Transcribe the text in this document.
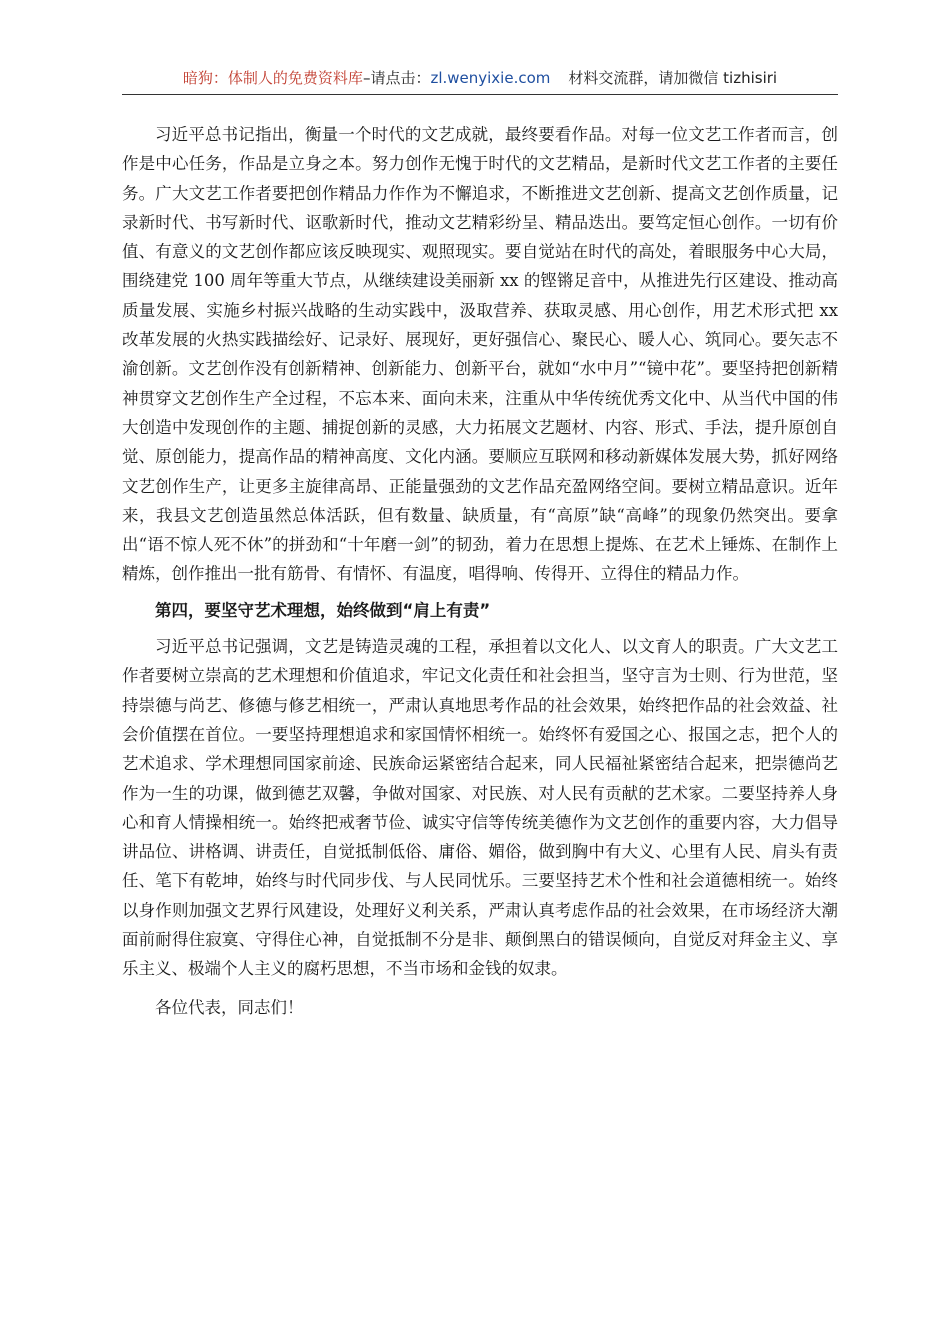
暗狗：体制人的免费资料库–请点击：zl.wenyixie.com 材料交流群，请加微信 tizhisiri

习近平总书记指出，衡量一个时代的文艺成就，最终要看作品。对每一位文艺工作者而言，创作是中心任务，作品是立身之本。努力创作无愧于时代的文艺精品，是新时代文艺工作者的主要任务。广大文艺工作者要把创作精品力作作为不懈追求，不断推进文艺创新、提高文艺创作质量，记录新时代、书写新时代、讴歌新时代，推动文艺精彩纷呈、精品迭出。要笃定恒心创作。一切有价值、有意义的文艺创作都应该反映现实、观照现实。要自觉站在时代的高处，着眼服务中心大局，围绕建党 100 周年等重大节点，从继续建设美丽新 xx 的铿锵足音中，从推进先行区建设、推动高质量发展、实施乡村振兴战略的生动实践中，汲取营养、获取灵感、用心创作，用艺术形式把 xx 改革发展的火热实践描绘好、记录好、展现好，更好强信心、聚民心、暖人心、筑同心。要矢志不渝创新。文艺创作没有创新精神、创新能力、创新平台，就如“水中月”“镜中花”。要坚持把创新精神贯穿文艺创作生产全过程，不忘本来、面向未来，注重从中华传统优秀文化中、从当代中国的伟大创造中发现创作的主题、捕捉创新的灵感，大力拓展文艺题材、内容、形式、手法，提升原创自觉、原创能力，提高作品的精神高度、文化内涵。要顺应互联网和移动新媒体发展大势，抓好网络文艺创作生产，让更多主旋律高昂、正能量强劲的文艺作品充盈网络空间。要树立精品意识。近年来，我县文艺创造虽然总体活跃，但有数量、缺质量，有“高原”缺“高峰”的现象仍然突出。要拿出“语不惊人死不休”的拼劲和“十年磨一剑”的韧劲，着力在思想上提炼、在艺术上锤炼、在制作上精炼，创作推出一批有筋骨、有情怀、有温度，唱得响、传得开、立得住的精品力作。

第四，要坚守艺术理想，始终做到“肩上有责”

习近平总书记强调，文艺是铸造灵魂的工程，承担着以文化人、以文育人的职责。广大文艺工作者要树立崇高的艺术理想和价值追求，牢记文化责任和社会担当，坚守言为士则、行为世范，坚持崇德与尚艺、修德与修艺相统一，严肃认真地思考作品的社会效果，始终把作品的社会效益、社会价值摆在首位。一要坚持理想追求和家国情怀相统一。始终怀有爱国之心、报国之志，把个人的艺术追求、学术理想同国家前途、民族命运紧密结合起来，同人民福祉紧密结合起来，把崇德尚艺作为一生的功课，做到德艺双馨，争做对国家、对民族、对人民有贡献的艺术家。二要坚持养人身心和育人情操相统一。始终把戒奢节俭、诚实守信等传统美德作为文艺创作的重要内容，大力倡导讲品位、讲格调、讲责任，自觉抵制低俗、庸俗、媚俗，做到胸中有大义、心里有人民、肩头有责任、笔下有乾坤，始终与时代同步伐、与人民同忧乐。三要坚持艺术个性和社会道德相统一。始终以身作则加强文艺界行风建设，处理好义利关系，严肃认真考虑作品的社会效果，在市场经济大潮面前耐得住寂寞、守得住心神，自觉抵制不分是非、颠倒黑白的错误倾向，自觉反对拜金主义、享乐主义、极端个人主义的腐朽思想，不当市场和金钱的奴隶。

各位代表，同志们！
